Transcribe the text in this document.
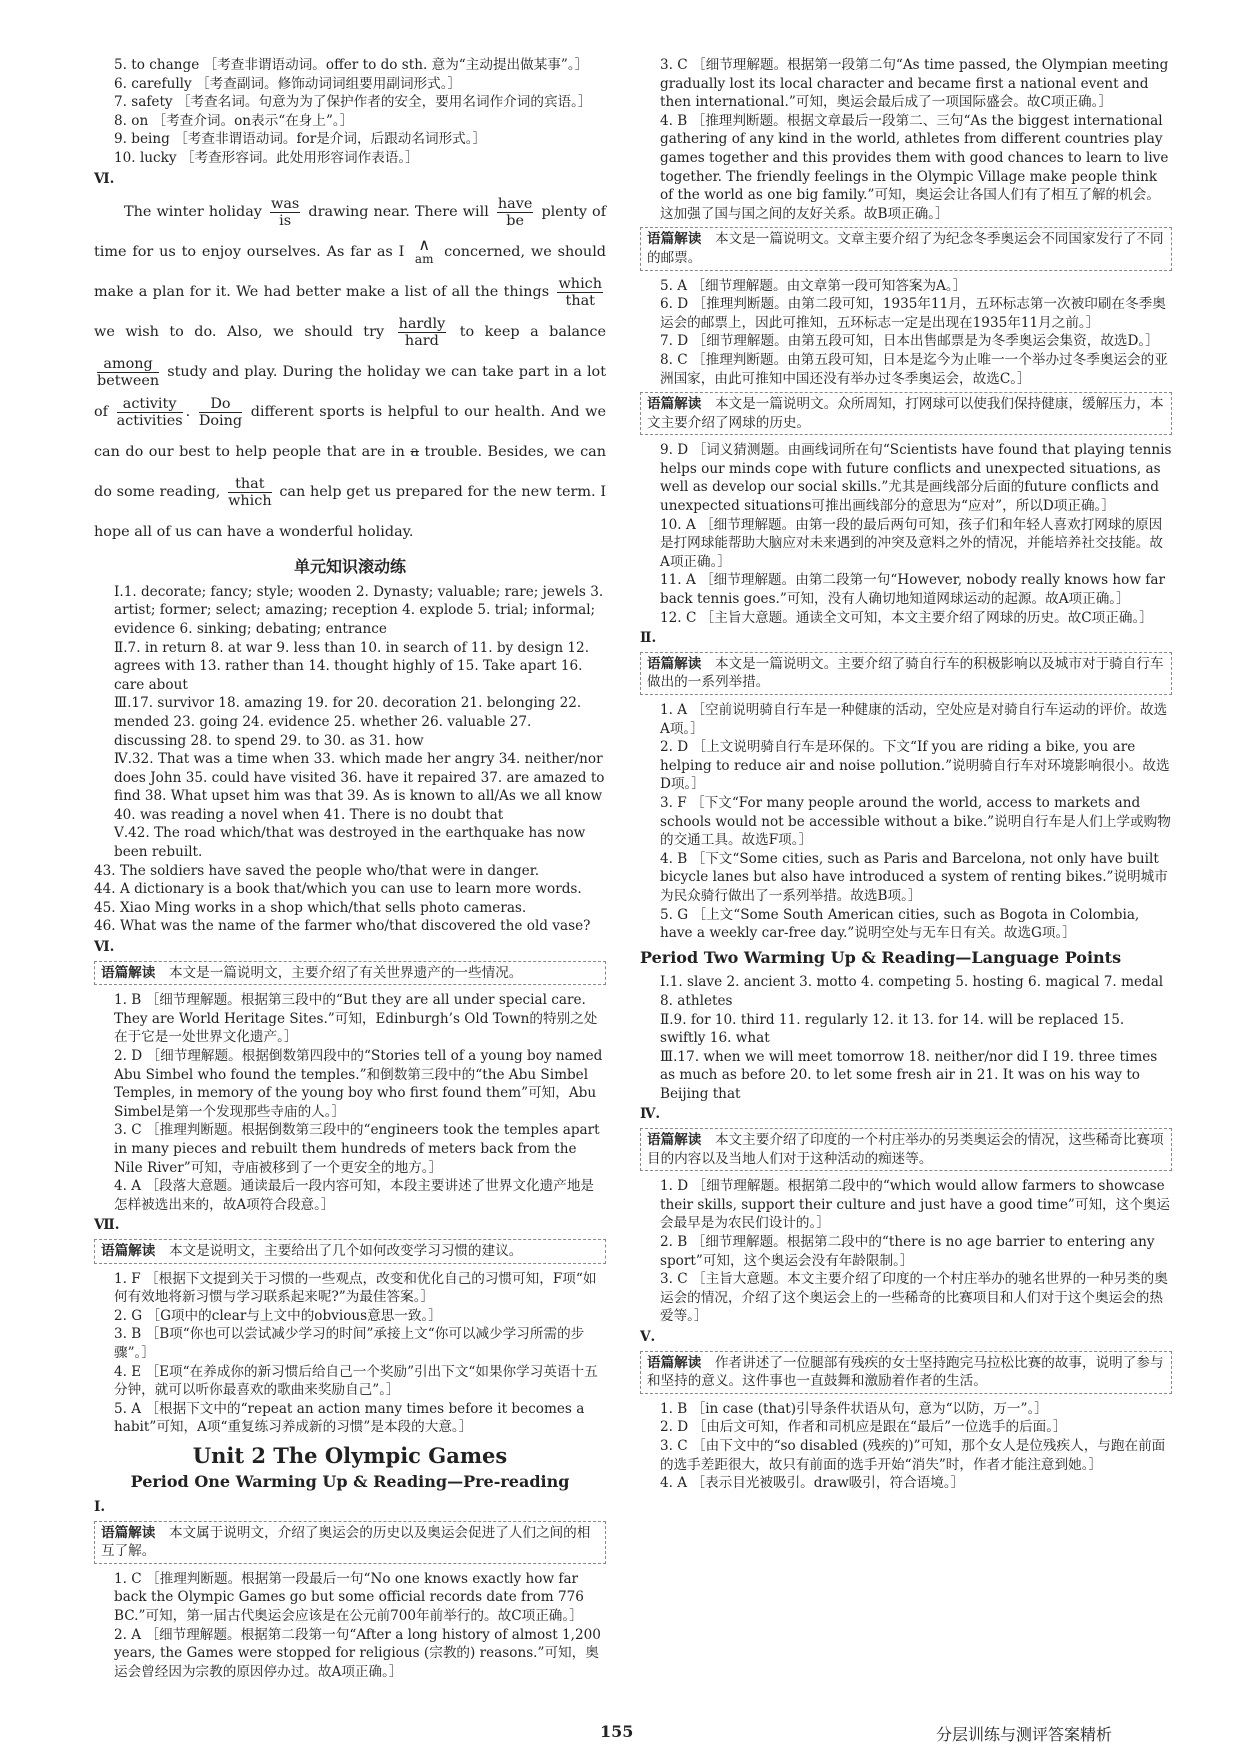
5. to change ［考查非谓语动词。offer to do sth. 意为“主动提出做某事”。］

6. carefully ［考查副词。修饰动词词组要用副词形式。］

7. safety ［考查名词。句意为为了保护作者的安全，要用名词作介词的宾语。］

8. on ［考查介词。on表示“在身上”。］

9. being ［考查非谓语动词。for是介词，后跟动名词形式。］

10. lucky ［考查形容词。此处用形容词作表语。］

Ⅵ.

The winter holiday
was
is
drawing near. There will
have
be
plenty of time for us to enjoy ourselves. As far as I ∧
am concerned, we should make a plan for it. We had better make a list of all the things
which
that
we wish to do. Also, we should try
hardly
hard
to keep a balance
among
between
study and play. During the holiday we can take part in a lot of
activity
activities
.
Do
Doing
different sports is helpful to our health. And we can do our best to help people that are in a trouble. Besides, we can do some reading,
that
which
can help get us prepared for the new term. I hope all of us can have a wonderful holiday.
单元知识滚动练

Ⅰ.1. decorate; fancy; style; wooden 2. Dynasty; valuable; rare; jewels 3. artist; former; select; amazing; reception 4. explode 5. trial; informal; evidence 6. sinking; debating; entrance

Ⅱ.7. in return 8. at war 9. less than 10. in search of 11. by design 12. agrees with 13. rather than 14. thought highly of 15. Take apart 16. care about

Ⅲ.17. survivor 18. amazing 19. for 20. decoration 21. belonging 22. mended 23. going 24. evidence 25. whether 26. valuable 27. discussing 28. to spend 29. to 30. as 31. how

Ⅳ.32. That was a time when 33. which made her angry 34. neither/nor does John 35. could have visited 36. have it repaired 37. are amazed to find 38. What upset him was that 39. As is known to all/As we all know 40. was reading a novel when 41. There is no doubt that

Ⅴ.42. The road which/that was destroyed in the earthquake has now been rebuilt.

43. The soldiers have saved the people who/that were in danger.

44. A dictionary is a book that/which you can use to learn more words.

45. Xiao Ming works in a shop which/that sells photo cameras.

46. What was the name of the farmer who/that discovered the old vase?

Ⅵ.

语篇解读　 本文是一篇说明文，主要介绍了有关世界遗产的一些情况。

1. B ［细节理解题。根据第三段中的“But they are all under special care. They are World Heritage Sites.”可知，Edinburgh’s Old Town的特别之处在于它是一处世界文化遗产。］

2. D ［细节理解题。根据倒数第四段中的“Stories tell of a young boy named Abu Simbel who found the temples.”和倒数第三段中的“the Abu Simbel Temples, in memory of the young boy who first found them”可知，Abu Simbel是第一个发现那些寺庙的人。］

3. C ［推理判断题。根据倒数第三段中的“engineers took the temples apart in many pieces and rebuilt them hundreds of meters back from the Nile River”可知，寺庙被移到了一个更安全的地方。］

4. A ［段落大意题。通读最后一段内容可知，本段主要讲述了世界文化遗产地是怎样被选出来的，故A项符合段意。］

Ⅶ.

语篇解读　 本文是说明文，主要给出了几个如何改变学习习惯的建议。

1. F ［根据下文提到关于习惯的一些观点，改变和优化自己的习惯可知，F项“如何有效地将新习惯与学习联系起来呢?”为最佳答案。］

2. G ［G项中的clear与上文中的obvious意思一致。］

3. B ［B项“你也可以尝试减少学习的时间”承接上文“你可以减少学习所需的步骤”。］

4. E ［E项“在养成你的新习惯后给自己一个奖励”引出下文“如果你学习英语十五分钟，就可以听你最喜欢的歌曲来奖励自己”。］

5. A ［根据下文中的“repeat an action many times before it becomes a habit”可知，A项“重复练习养成新的习惯”是本段的大意。］

Unit 2 The Olympic Games
Period One Warming Up & Reading—Pre-reading

Ⅰ.

语篇解读　 本文属于说明文，介绍了奥运会的历史以及奥运会促进了人们之间的相互了解。

1. C ［推理判断题。根据第一段最后一句“No one knows exactly how far back the Olympic Games go but some official records date from 776 BC.”可知，第一届古代奥运会应该是在公元前700年前举行的。故C项正确。］

2. A ［细节理解题。根据第二段第一句“After a long history of almost 1,200 years, the Games were stopped for religious (宗教的) reasons.”可知，奥运会曾经因为宗教的原因停办过。故A项正确。］

3. C ［细节理解题。根据第一段第二句“As time passed, the Olympian meeting gradually lost its local character and became first a national event and then international.”可知，奥运会最后成了一项国际盛会。故C项正确。］

4. B ［推理判断题。根据文章最后一段第二、三句“As the biggest international gathering of any kind in the world, athletes from different countries play games together and this provides them with good chances to learn to live together. The friendly feelings in the Olympic Village make people think of the world as one big family.”可知，奥运会让各国人们有了相互了解的机会。这加强了国与国之间的友好关系。故B项正确。］

语篇解读　 本文是一篇说明文。文章主要介绍了为纪念冬季奥运会不同国家发行了不同的邮票。

5. A ［细节理解题。由文章第一段可知答案为A。］

6. D ［推理判断题。由第二段可知，1935年11月，五环标志第一次被印刷在冬季奥运会的邮票上，因此可推知，五环标志一定是出现在1935年11月之前。］

7. D ［细节理解题。由第五段可知，日本出售邮票是为冬季奥运会集资，故选D。］

8. C ［推理判断题。由第五段可知，日本是迄今为止唯一一个举办过冬季奥运会的亚洲国家，由此可推知中国还没有举办过冬季奥运会，故选C。］

语篇解读　 本文是一篇说明文。众所周知，打网球可以使我们保持健康，缓解压力，本文主要介绍了网球的历史。

9. D ［词义猜测题。由画线词所在句“Scientists have found that playing tennis helps our minds cope with future conflicts and unexpected situations, as well as develop our social skills.”尤其是画线部分后面的future conflicts and unexpected situations可推出画线部分的意思为“应对”，所以D项正确。］

10. A ［细节理解题。由第一段的最后两句可知，孩子们和年轻人喜欢打网球的原因是打网球能帮助大脑应对未来遇到的冲突及意料之外的情况，并能培养社交技能。故A项正确。］

11. A ［细节理解题。由第二段第一句“However, nobody really knows how far back tennis goes.”可知，没有人确切地知道网球运动的起源。故A项正确。］

12. C ［主旨大意题。通读全文可知，本文主要介绍了网球的历史。故C项正确。］

Ⅱ.

语篇解读　 本文是一篇说明文。主要介绍了骑自行车的积极影响以及城市对于骑自行车做出的一系列举措。

1. A ［空前说明骑自行车是一种健康的活动，空处应是对骑自行车运动的评价。故选A项。］

2. D ［上文说明骑自行车是环保的。下文“If you are riding a bike, you are helping to reduce air and noise pollution.”说明骑自行车对环境影响很小。故选D项。］

3. F ［下文“For many people around the world, access to markets and schools would not be accessible without a bike.”说明自行车是人们上学或购物的交通工具。故选F项。］

4. B ［下文“Some cities, such as Paris and Barcelona, not only have built bicycle lanes but also have introduced a system of renting bikes.”说明城市为民众骑行做出了一系列举措。故选B项。］

5. G ［上文“Some South American cities, such as Bogota in Colombia, have a weekly car-free day.”说明空处与无车日有关。故选G项。］

Period Two Warming Up & Reading—Language Points

Ⅰ.1. slave 2. ancient 3. motto 4. competing 5. hosting 6. magical 7. medal 8. athletes

Ⅱ.9. for 10. third 11. regularly 12. it 13. for 14. will be replaced 15. swiftly 16. what

Ⅲ.17. when we will meet tomorrow 18. neither/nor did I 19. three times as much as before 20. to let some fresh air in 21. It was on his way to Beijing that

Ⅳ.

语篇解读　 本文主要介绍了印度的一个村庄举办的另类奥运会的情况，这些稀奇比赛项目的内容以及当地人们对于这种活动的痴迷等。

1. D ［细节理解题。根据第二段中的“which would allow farmers to showcase their skills, support their culture and just have a good time”可知，这个奥运会最早是为农民们设计的。］

2. B ［细节理解题。根据第二段中的“there is no age barrier to entering any sport”可知，这个奥运会没有年龄限制。］

3. C ［主旨大意题。本文主要介绍了印度的一个村庄举办的驰名世界的一种另类的奥运会的情况，介绍了这个奥运会上的一些稀奇的比赛项目和人们对于这个奥运会的热爱等。］

Ⅴ.

语篇解读　 作者讲述了一位腿部有残疾的女士坚持跑完马拉松比赛的故事，说明了参与和坚持的意义。这件事也一直鼓舞和激励着作者的生活。

1. B ［in case (that)引导条件状语从句，意为“以防，万一”。］

2. D ［由后文可知，作者和司机应是跟在“最后”一位选手的后面。］

3. C ［由下文中的“so disabled (残疾的)”可知，那个女人是位残疾人，与跑在前面的选手差距很大，故只有前面的选手开始“消失”时，作者才能注意到她。］

4. A ［表示目光被吸引。draw吸引，符合语境。］

155	分层训练与测评答案精析
